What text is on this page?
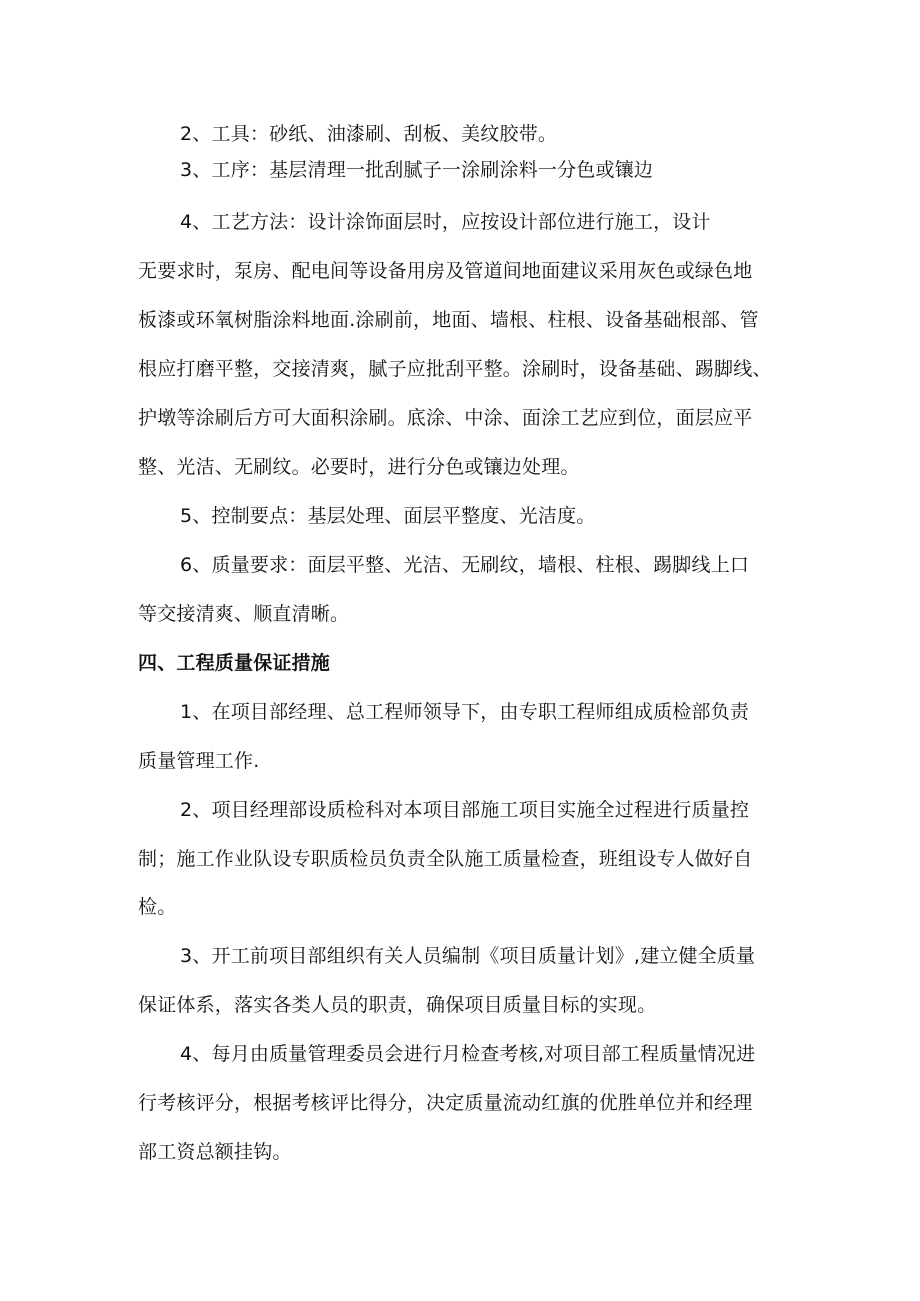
2、工具：砂纸、油漆刷、刮板、美纹胶带。
3、工序：基层清理一批刮腻子一涂刷涂料一分色或镶边
4、工艺方法：设计涂饰面层时，应按设计部位进行施工，设计
无要求时，泵房、配电间等设备用房及管道间地面建议采用灰色或绿色地
板漆或环氧树脂涂料地面.涂刷前，地面、墙根、柱根、设备基础根部、管
根应打磨平整，交接清爽，腻子应批刮平整。涂刷时，设备基础、踢脚线、
护墩等涂刷后方可大面积涂刷。底涂、中涂、面涂工艺应到位，面层应平
整、光洁、无刷纹。必要时，进行分色或镶边处理。
5、控制要点：基层处理、面层平整度、光洁度。
6、质量要求：面层平整、光洁、无刷纹，墙根、柱根、踢脚线上口
等交接清爽、顺直清晰。
四、工程质量保证措施
1、在项目部经理、总工程师领导下，由专职工程师组成质检部负责
质量管理工作.
2、项目经理部设质检科对本项目部施工项目实施全过程进行质量控
制；施工作业队设专职质检员负责全队施工质量检查，班组设专人做好自
检。
3、开工前项目部组织有关人员编制《项目质量计划》,建立健全质量
保证体系，落实各类人员的职责，确保项目质量目标的实现。
4、每月由质量管理委员会进行月检查考核,对项目部工程质量情况进
行考核评分，根据考核评比得分，决定质量流动红旗的优胜单位并和经理
部工资总额挂钩。
